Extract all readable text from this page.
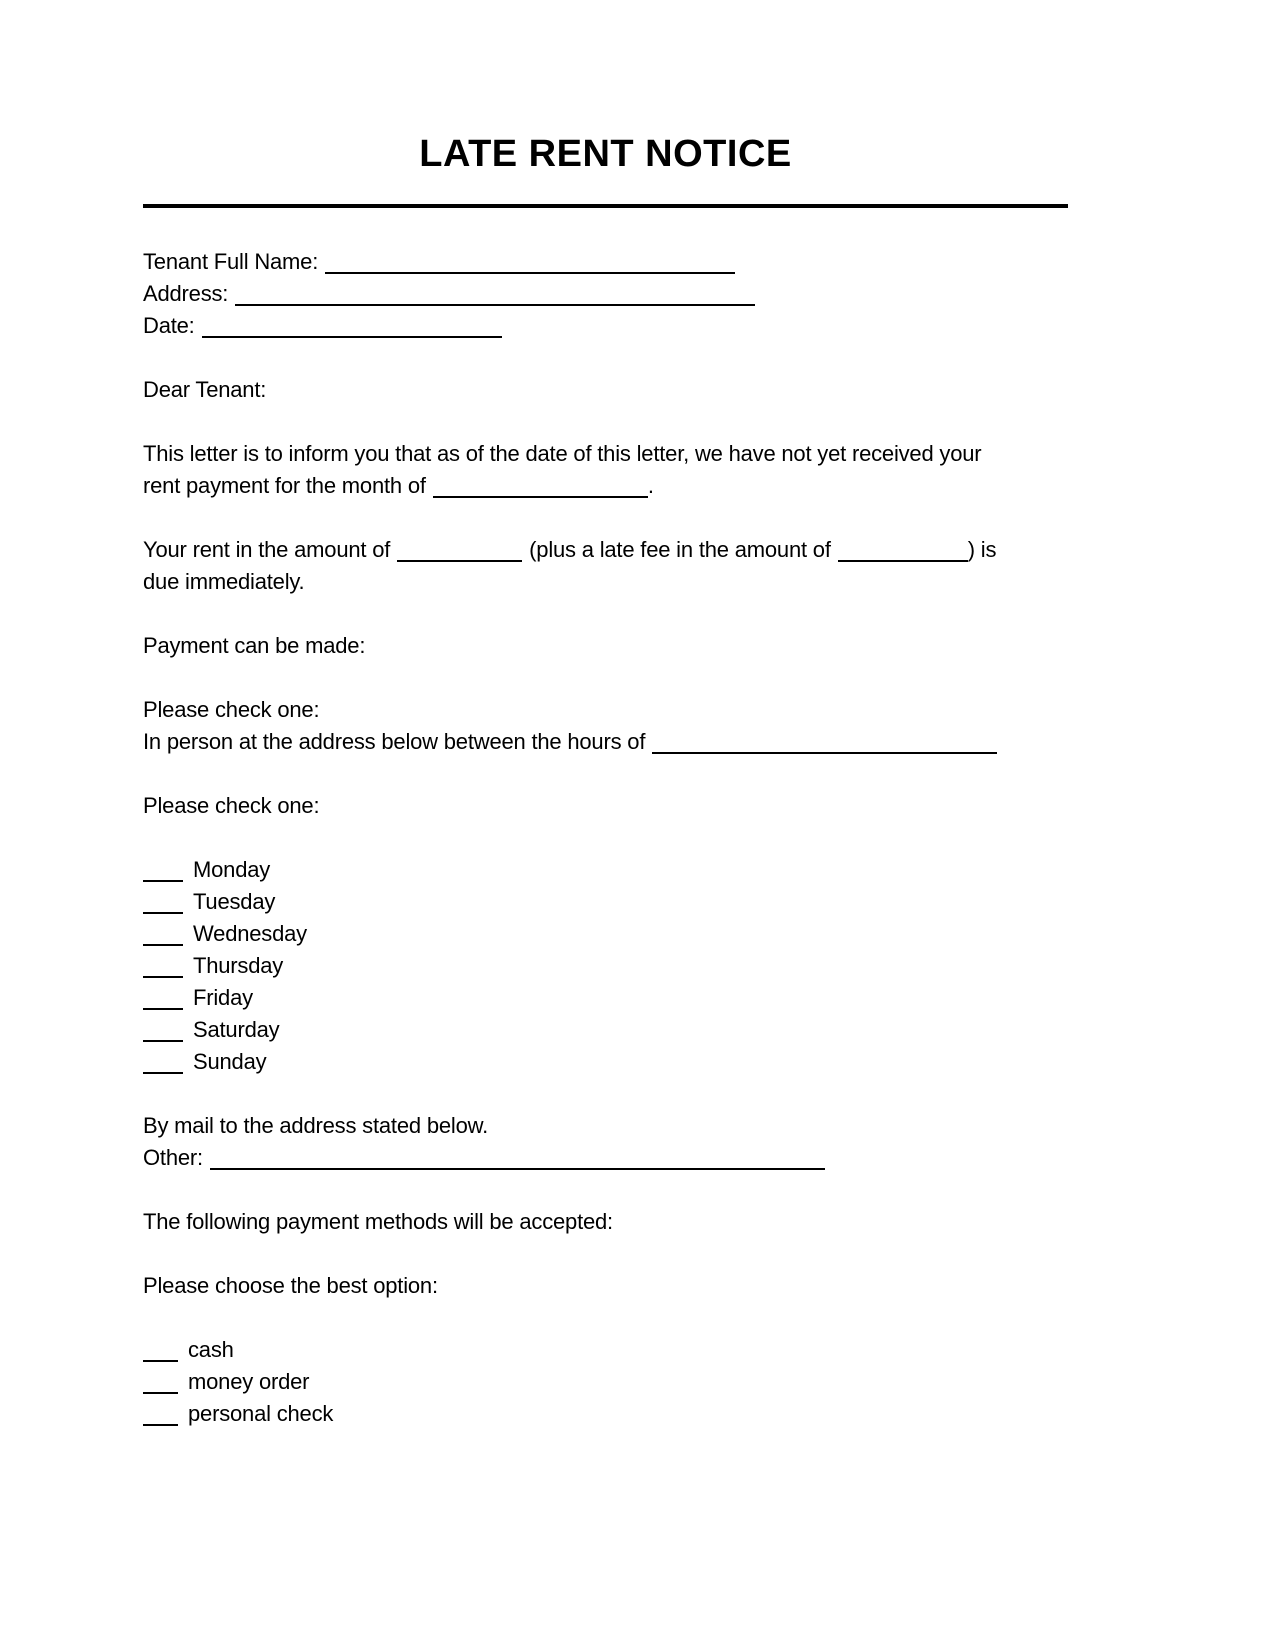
LATE RENT NOTICE

Tenant Full Name:

Address:

Date:

Dear Tenant:

This letter is to inform you that as of the date of this letter, we have not yet received your

rent payment for the month of	.

Your rent in the amount of	(plus a late fee in the amount of	) is

due immediately.

Payment can be made:

Please check one:

In person at the address below between the hours of

Please check one:

Monday

Tuesday

Wednesday

Thursday

Friday

Saturday

Sunday

By mail to the address stated below.

Other:

The following payment methods will be accepted:

Please choose the best option:

cash

money order

personal check
